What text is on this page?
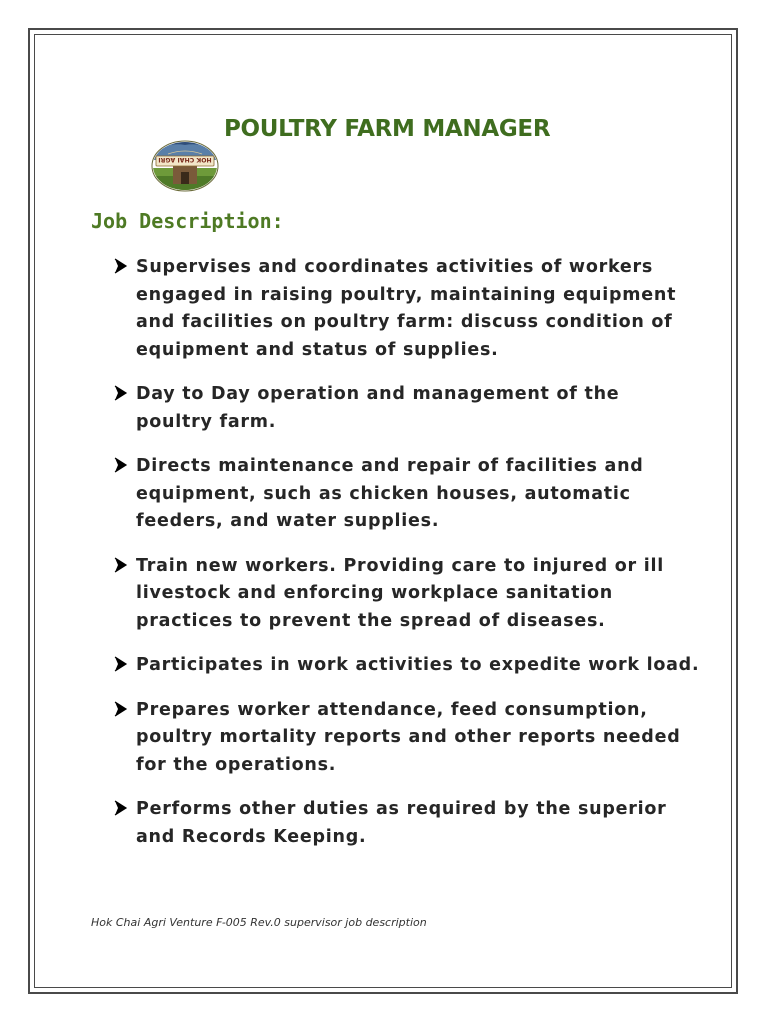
POULTRY FARM MANAGER
HOK CHAI AGRI
Job Description:

Supervises and coordinates activities of workers engaged in raising poultry, maintaining equipment and facilities on poultry farm: discuss condition of equipment and status of supplies.

Day to Day operation and management of the poultry farm.

Directs maintenance and repair of facilities and equipment, such as chicken houses, automatic feeders, and water supplies.

Train new workers. Providing care to injured or ill livestock and enforcing workplace sanitation practices to prevent the spread of diseases.

Participates in work activities to expedite work load.

Prepares worker attendance, feed consumption, poultry mortality reports and other reports needed for the operations.

Performs other duties as required by the superior and Records Keeping.

Hok Chai Agri Venture F-005 Rev.0 supervisor job description
